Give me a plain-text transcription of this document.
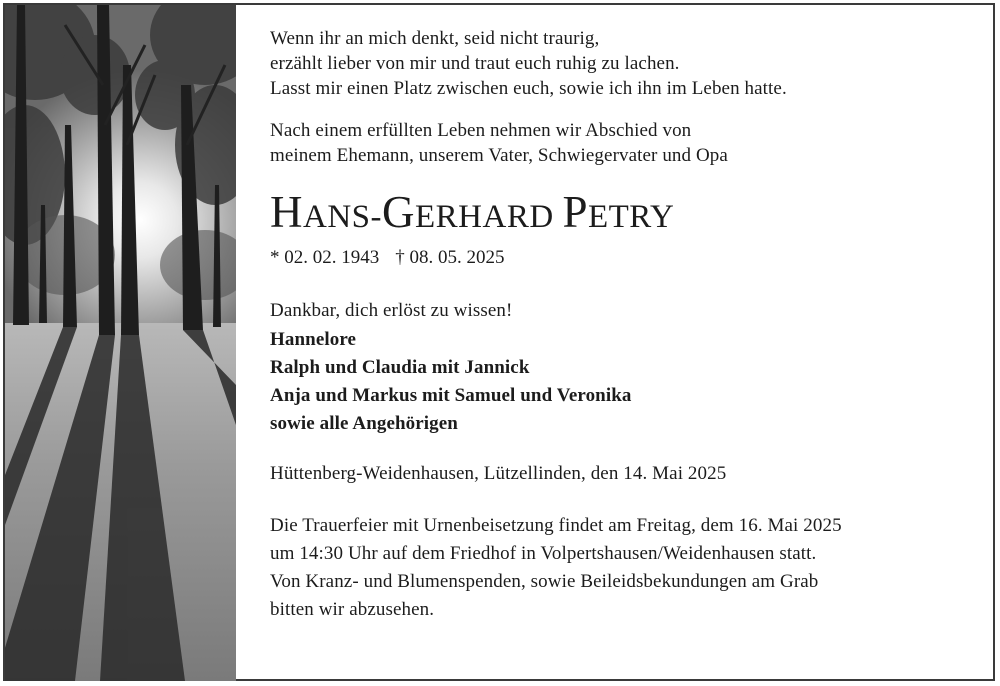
Wenn ihr an mich denkt, seid nicht traurig,

erzählt lieber von mir und traut euch ruhig zu lachen.

Lasst mir einen Platz zwischen euch, sowie ich ihn im Leben hatte.

Nach einem erfüllten Leben nehmen wir Abschied von

meinem Ehemann, unserem Vater, Schwiegervater und Opa

HANS-GERHARD PETRY
* 02. 02. 1943 † 08. 05. 2025

Dankbar, dich erlöst zu wissen!

Hannelore

Ralph und Claudia mit Jannick

Anja und Markus mit Samuel und Veronika

sowie alle Angehörigen

Hüttenberg-Weidenhausen, Lützellinden, den 14. Mai 2025

Die Trauerfeier mit Urnenbeisetzung findet am Freitag, dem 16. Mai 2025

um 14:30 Uhr auf dem Friedhof in Volpertshausen/Weidenhausen statt.

Von Kranz- und Blumenspenden, sowie Beileidsbekundungen am Grab

bitten wir abzusehen.
